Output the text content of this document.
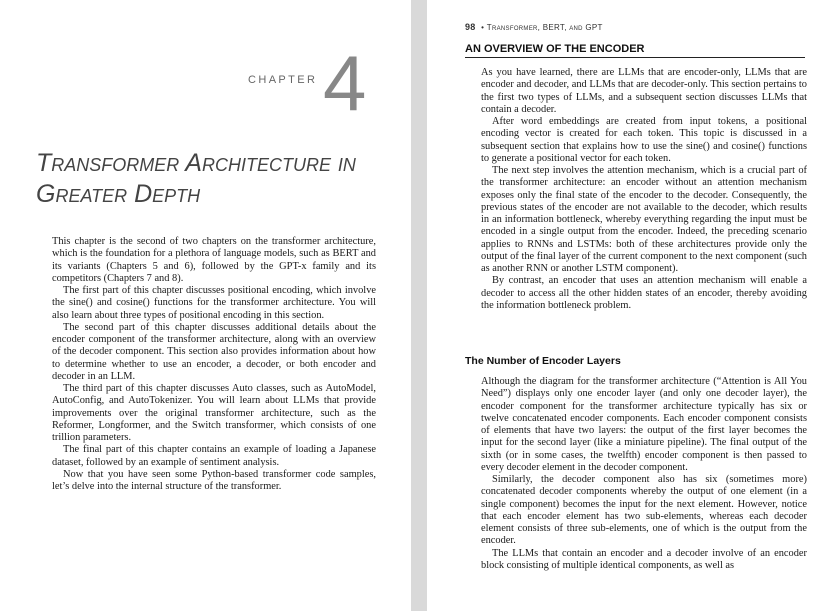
CHAPTER 4
Transformer Architecture in
Greater Depth

This chapter is the second of two chapters on the transformer architecture, which is the foundation for a plethora of language models, such as BERT and its variants (Chapters 5 and 6), followed by the GPT-x family and its competitors (Chapters 7 and 8).

The first part of this chapter discusses positional encoding, which involve the sine() and cosine() functions for the transformer architecture. You will also learn about three types of positional encoding in this section.

The second part of this chapter discusses additional details about the encoder component of the transformer architecture, along with an overview of the decoder component. This section also provides information about how to determine whether to use an encoder, a decoder, or both encoder and decoder in an LLM.

The third part of this chapter discusses Auto classes, such as AutoModel, AutoConfig, and AutoTokenizer. You will learn about LLMs that provide improvements over the original transformer architecture, such as the Reformer, Longformer, and the Switch transformer, which consists of one trillion parameters.

The final part of this chapter contains an example of loading a Japanese dataset, followed by an example of sentiment analysis.

Now that you have seen some Python-based transformer code samples, let’s delve into the internal structure of the transformer.

98 • Transformer, BERT, and GPT
AN OVERVIEW OF THE ENCODER

As you have learned, there are LLMs that are encoder-only, LLMs that are encoder and decoder, and LLMs that are decoder-only. This section pertains to the first two types of LLMs, and a subsequent section discusses LLMs that contain a decoder.

After word embeddings are created from input tokens, a positional encoding vector is created for each token. This topic is discussed in a subsequent section that explains how to use the sine() and cosine() functions to generate a positional vector for each token.

The next step involves the attention mechanism, which is a crucial part of the transformer architecture: an encoder without an attention mechanism exposes only the final state of the encoder to the decoder. Consequently, the previous states of the encoder are not available to the decoder, which results in an information bottleneck, whereby everything regarding the input must be encoded in a single output from the encoder. Indeed, the preceding scenario applies to RNNs and LSTMs: both of these architectures provide only the output of the final layer of the current component to the next component (such as another RNN or another LSTM component).

By contrast, an encoder that uses an attention mechanism will enable a decoder to access all the other hidden states of an encoder, thereby avoiding the information bottleneck problem.

The Number of Encoder Layers

Although the diagram for the transformer architecture (“Attention is All You Need”) displays only one encoder layer (and only one decoder layer), the encoder component for the transformer architecture typically has six or twelve concatenated encoder components. Each encoder component consists of elements that have two layers: the output of the first layer becomes the input for the second layer (like a miniature pipeline). The final output of the sixth (or in some cases, the twelfth) encoder component is then passed to every decoder element in the decoder component.

Similarly, the decoder component also has six (sometimes more) concatenated decoder components whereby the output of one element (in a single component) becomes the input for the next element. However, notice that each encoder element has two sub-elements, whereas each decoder element consists of three sub-elements, one of which is the output from the encoder.

The LLMs that contain an encoder and a decoder involve of an encoder block consisting of multiple identical components, as well as
